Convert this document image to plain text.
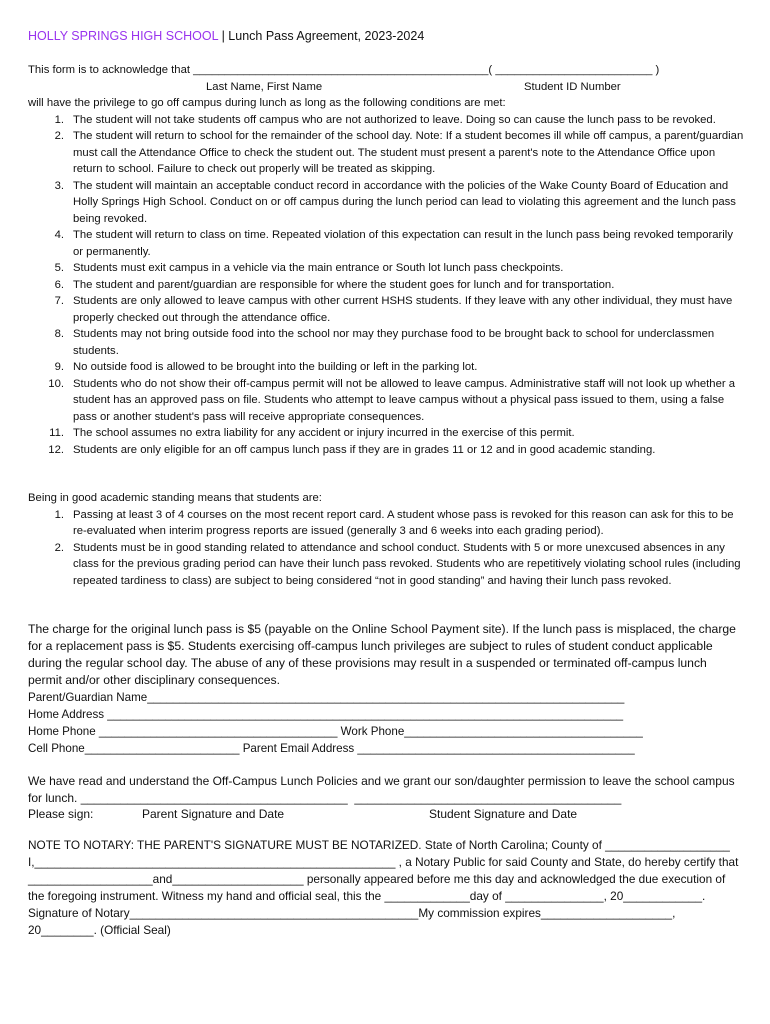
HOLLY SPRINGS HIGH SCHOOL | Lunch Pass Agreement, 2023-2024
This form is to acknowledge that _______________________________________________( _________________________ )
Last Name, First Name	Student ID Number
will have the privilege to go off campus during lunch as long as the following conditions are met:
1. The student will not take students off campus who are not authorized to leave. Doing so can cause the lunch pass to be revoked.
2. The student will return to school for the remainder of the school day. Note: If a student becomes ill while off campus, a parent/guardian must call the Attendance Office to check the student out. The student must present a parent's note to the Attendance Office upon return to school. Failure to check out properly will be treated as skipping.
3. The student will maintain an acceptable conduct record in accordance with the policies of the Wake County Board of Education and Holly Springs High School. Conduct on or off campus during the lunch period can lead to violating this agreement and the lunch pass being revoked.
4. The student will return to class on time. Repeated violation of this expectation can result in the lunch pass being revoked temporarily or permanently.
5. Students must exit campus in a vehicle via the main entrance or South lot lunch pass checkpoints.
6. The student and parent/guardian are responsible for where the student goes for lunch and for transportation.
7. Students are only allowed to leave campus with other current HSHS students. If they leave with any other individual, they must have properly checked out through the attendance office.
8. Students may not bring outside food into the school nor may they purchase food to be brought back to school for underclassmen students.
9. No outside food is allowed to be brought into the building or left in the parking lot.
10. Students who do not show their off-campus permit will not be allowed to leave campus. Administrative staff will not look up whether a student has an approved pass on file. Students who attempt to leave campus without a physical pass issued to them, using a false pass or another student's pass will receive appropriate consequences.
11. The school assumes no extra liability for any accident or injury incurred in the exercise of this permit.
12. Students are only eligible for an off campus lunch pass if they are in grades 11 or 12 and in good academic standing.
Being in good academic standing means that students are:
1. Passing at least 3 of 4 courses on the most recent report card. A student whose pass is revoked for this reason can ask for this to be re-evaluated when interim progress reports are issued (generally 3 and 6 weeks into each grading period).
2. Students must be in good standing related to attendance and school conduct. Students with 5 or more unexcused absences in any class for the previous grading period can have their lunch pass revoked. Students who are repetitively violating school rules (including repeated tardiness to class) are subject to being considered “not in good standing” and having their lunch pass revoked.
The charge for the original lunch pass is $5 (payable on the Online School Payment site). If the lunch pass is misplaced, the charge for a replacement pass is $5. Students exercising off-campus lunch privileges are subject to rules of student conduct applicable during the regular school day. The abuse of any of these provisions may result in a suspended or terminated off-campus lunch permit and/or other disciplinary consequences.
Parent/Guardian Name__________________________________________________________________________
Home Address ________________________________________________________________________________
Home Phone _____________________________________ Work Phone_____________________________________
Cell Phone________________________ Parent Email Address ___________________________________________
We have read and understand the Off-Campus Lunch Policies and we grant our son/daughter permission to leave the school campus
for lunch. ________________________________________  ________________________________________
Please sign:	Parent Signature and Date	Student Signature and Date
NOTE TO NOTARY: THE PARENT'S SIGNATURE MUST BE NOTARIZED. State of North Carolina; County of ___________________
I,_______________________________________________________ , a Notary Public for said County and State, do hereby certify that
___________________and____________________ personally appeared before me this day and acknowledged the due execution of
the foregoing instrument. Witness my hand and official seal, this the _____________day of _______________, 20____________.
Signature of Notary____________________________________________My commission expires____________________,
20________. (Official Seal)
